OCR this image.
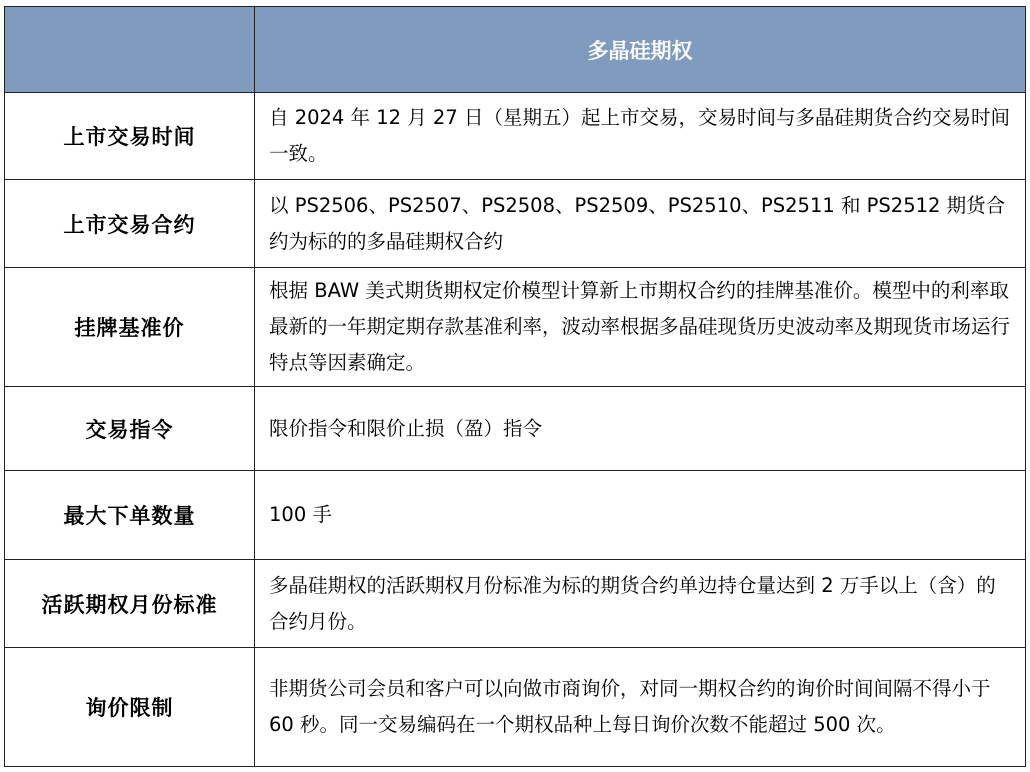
	多晶硅期权
上市交易时间	自 2024 年 12 月 27 日（星期五）起上市交易，交易时间与多晶硅期货合约交易时间一致。
上市交易合约	以 PS2506、PS2507、PS2508、PS2509、PS2510、PS2511 和 PS2512 期货合约为标的的多晶硅期权合约
挂牌基准价	根据 BAW 美式期货期权定价模型计算新上市期权合约的挂牌基准价。模型中的利率取最新的一年期定期存款基准利率，波动率根据多晶硅现货历史波动率及期现货市场运行特点等因素确定。
交易指令	限价指令和限价止损（盈）指令
最大下单数量	100 手
活跃期权月份标准	多晶硅期权的活跃期权月份标准为标的期货合约单边持仓量达到 2 万手以上（含）的合约月份。
询价限制	非期货公司会员和客户可以向做市商询价，对同一期权合约的询价时间间隔不得小于 60 秒。同一交易编码在一个期权品种上每日询价次数不能超过 500 次。
